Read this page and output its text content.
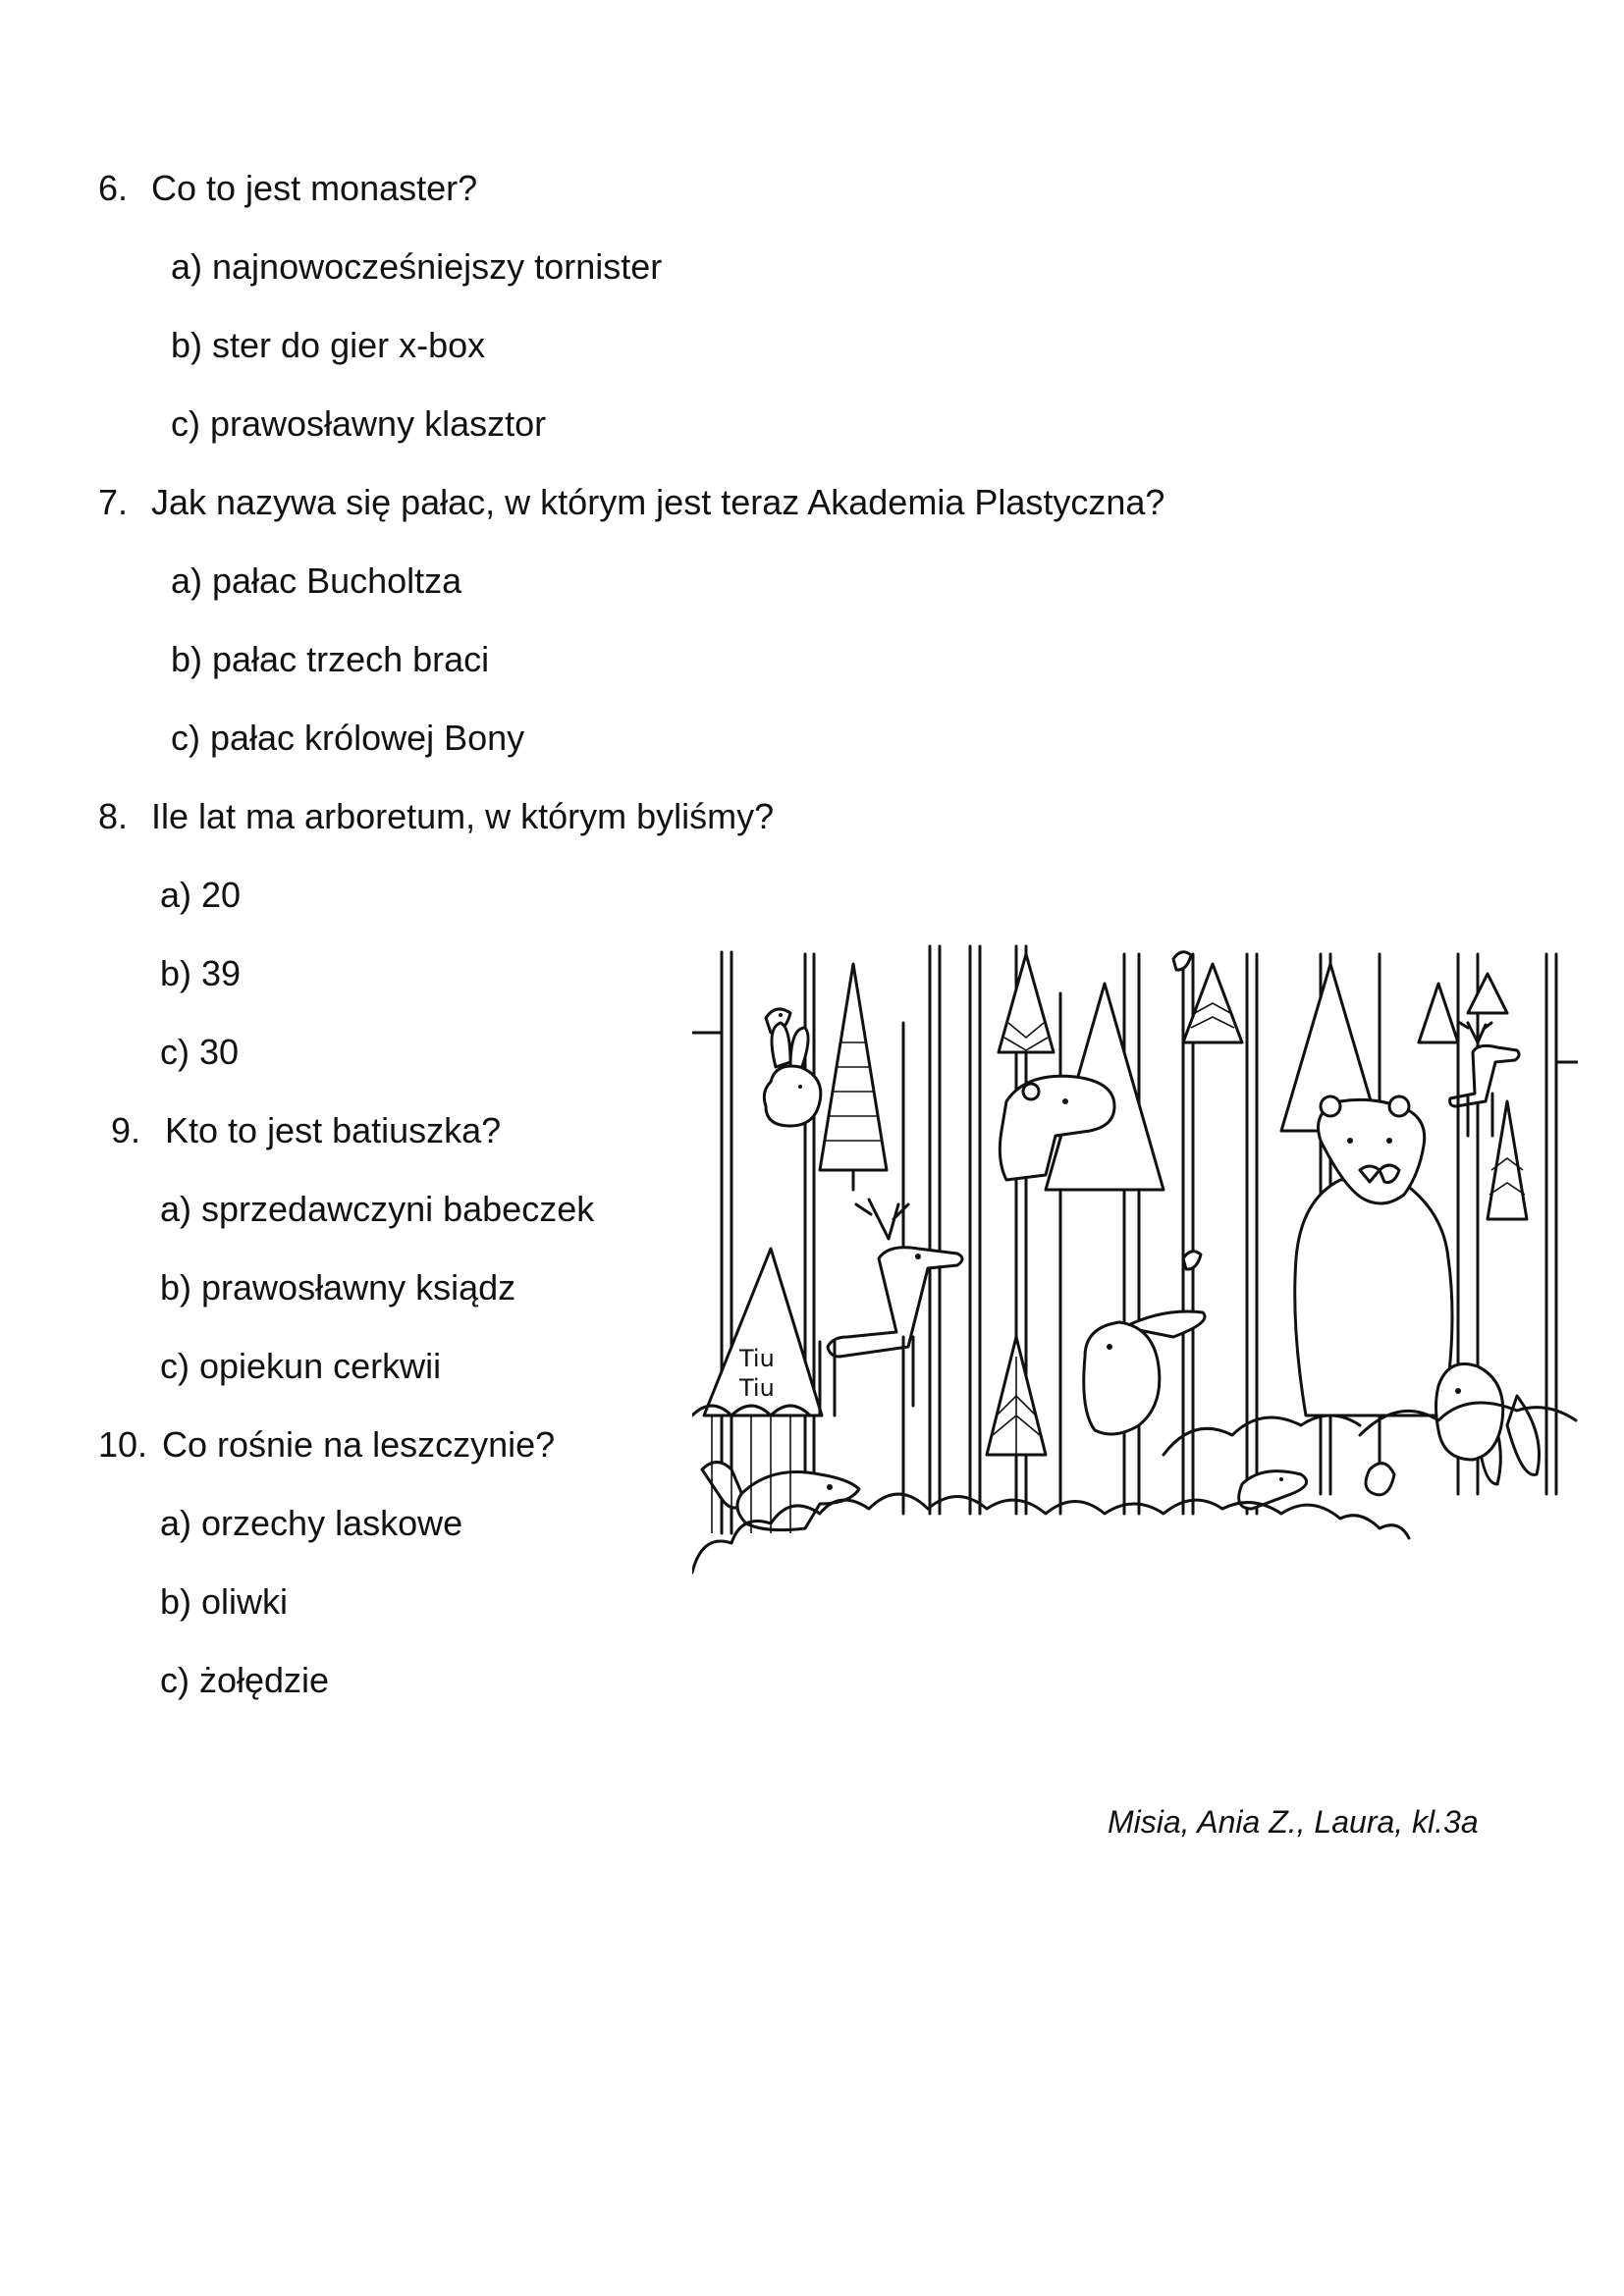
6. Co to jest monaster?
a) najnowocześniejszy tornister
b) ster do gier x-box
c) prawosławny klasztor
7. Jak nazywa się pałac, w którym jest teraz Akademia Plastyczna?
a) pałac Bucholtza
b) pałac trzech braci
c) pałac królowej Bony
8. Ile lat ma arboretum, w którym byliśmy?
a) 20
b) 39
c) 30
9. Kto to jest batiuszka?
a) sprzedawczyni babeczek
b) prawosławny ksiądz
c) opiekun cerkwii
10. Co rośnie na leszczynie?
a) orzechy laskowe
b) oliwki
c) żołędzie
Tiu
Tiu
Misia, Ania Z., Laura, kl.3a
